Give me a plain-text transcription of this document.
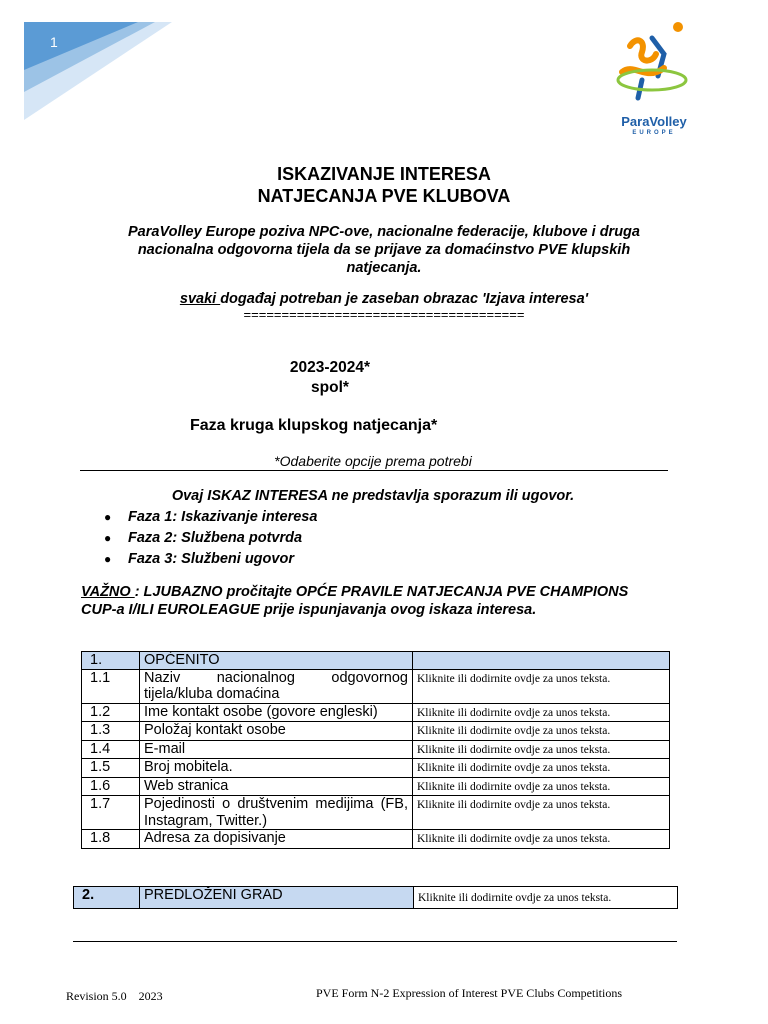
1
ParaVolley
EUROPE
ISKAZIVANJE INTERESA
NATJECANJA PVE KLUBOVA
ParaVolley Europe poziva NPC-ove, nacionalne federacije, klubove i druga
nacionalna odgovorna tijela da se prijave za domaćinstvo PVE klupskih
natjecanja.
svaki događaj potreban je zaseban obrazac 'Izjava interesa'
=====================================
2023-2024*
spol*
Faza kruga klupskog natjecanja*
*Odaberite opcije prema potrebi
Ovaj ISKAZ INTERESA ne predstavlja sporazum ili ugovor.
● Faza 1: Iskazivanje interesa
● Faza 2: Službena potvrda
● Faza 3: Službeni ugovor
VAŽNO : LJUBAZNO pročitajte OPĆE PRAVILE NATJECANJA PVE CHAMPIONS
CUP-a I/ILI EUROLEAGUE prije ispunjavanja ovog iskaza interesa.
1.	OPĆENITO	
1.1	Naziv nacionalnog odgovornog tijela/kluba domaćina	Kliknite ili dodirnite ovdje za unos teksta.
1.2	Ime kontakt osobe (govore engleski)	Kliknite ili dodirnite ovdje za unos teksta.
1.3	Položaj kontakt osobe	Kliknite ili dodirnite ovdje za unos teksta.
1.4	E-mail	Kliknite ili dodirnite ovdje za unos teksta.
1.5	Broj mobitela.	Kliknite ili dodirnite ovdje za unos teksta.
1.6	Web stranica	Kliknite ili dodirnite ovdje za unos teksta.
1.7	Pojedinosti o društvenim medijima (FB, Instagram, Twitter.)	Kliknite ili dodirnite ovdje za unos teksta.
1.8	Adresa za dopisivanje	Kliknite ili dodirnite ovdje za unos teksta.
2.	PREDLOŽENI GRAD	Kliknite ili dodirnite ovdje za unos teksta.
Revision 5.0    2023	PVE Form N-2 Expression of Interest PVE Clubs Competitions
